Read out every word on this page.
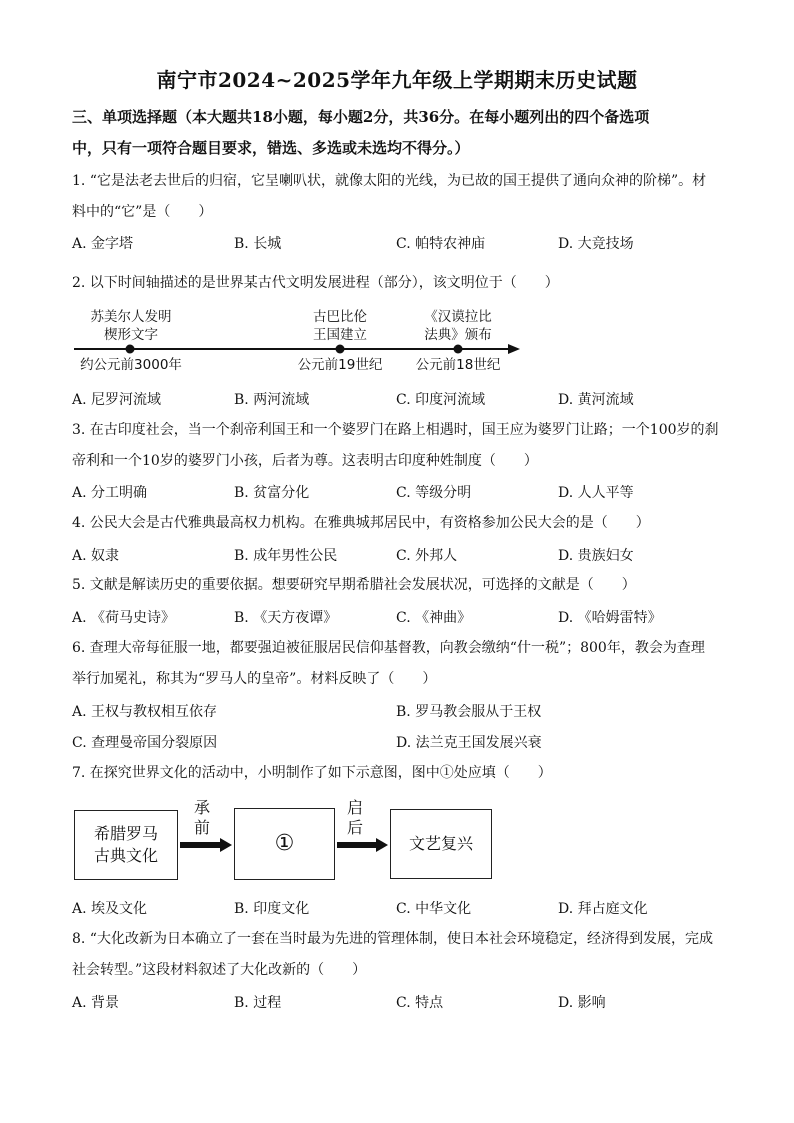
南宁市2024~2025学年九年级上学期期末历史试题
三、单项选择题（本大题共18小题，每小题2分，共36分。在每小题列出的四个备选项
中，只有一项符合题目要求，错选、多选或未选均不得分。）
1. “它是法老去世后的归宿，它呈喇叭状，就像太阳的光线，为已故的国王提供了通向众神的阶梯”。材
料中的“它”是（　　）
A. 金字塔	B. 长城	C. 帕特农神庙	D. 大竞技场
2. 以下时间轴描述的是世界某古代文明发展进程（部分），该文明位于（　　）
苏美尔人发明
楔形文字
约公元前3000年
古巴比伦
王国建立
公元前19世纪
《汉谟拉比
法典》颁布
公元前18世纪
A. 尼罗河流域	B. 两河流域	C. 印度河流域	D. 黄河流域
3. 在古印度社会，当一个刹帝利国王和一个婆罗门在路上相遇时，国王应为婆罗门让路；一个100岁的刹
帝利和一个10岁的婆罗门小孩，后者为尊。这表明古印度种姓制度（　　）
A. 分工明确	B. 贫富分化	C. 等级分明	D. 人人平等
4. 公民大会是古代雅典最高权力机构。在雅典城邦居民中，有资格参加公民大会的是（　　）
A. 奴隶	B. 成年男性公民	C. 外邦人	D. 贵族妇女
5. 文献是解读历史的重要依据。想要研究早期希腊社会发展状况，可选择的文献是（　　）
A. 《荷马史诗》	B. 《天方夜谭》	C. 《神曲》	D. 《哈姆雷特》
6. 查理大帝每征服一地，都要强迫被征服居民信仰基督教，向教会缴纳“什一税”；800年，教会为查理
举行加冕礼，称其为“罗马人的皇帝”。材料反映了（　　）
A. 王权与教权相互依存	B. 罗马教会服从于王权
C. 查理曼帝国分裂原因	D. 法兰克王国发展兴衰
7. 在探究世界文化的活动中，小明制作了如下示意图，图中①处应填（　　）
希腊罗马
古典文化
承
前
①
启
后
文艺复兴
A. 埃及文化	B. 印度文化	C. 中华文化	D. 拜占庭文化
8. “大化改新为日本确立了一套在当时最为先进的管理体制，使日本社会环境稳定，经济得到发展，完成
社会转型。”这段材料叙述了大化改新的（　　）
A. 背景	B. 过程	C. 特点	D. 影响
